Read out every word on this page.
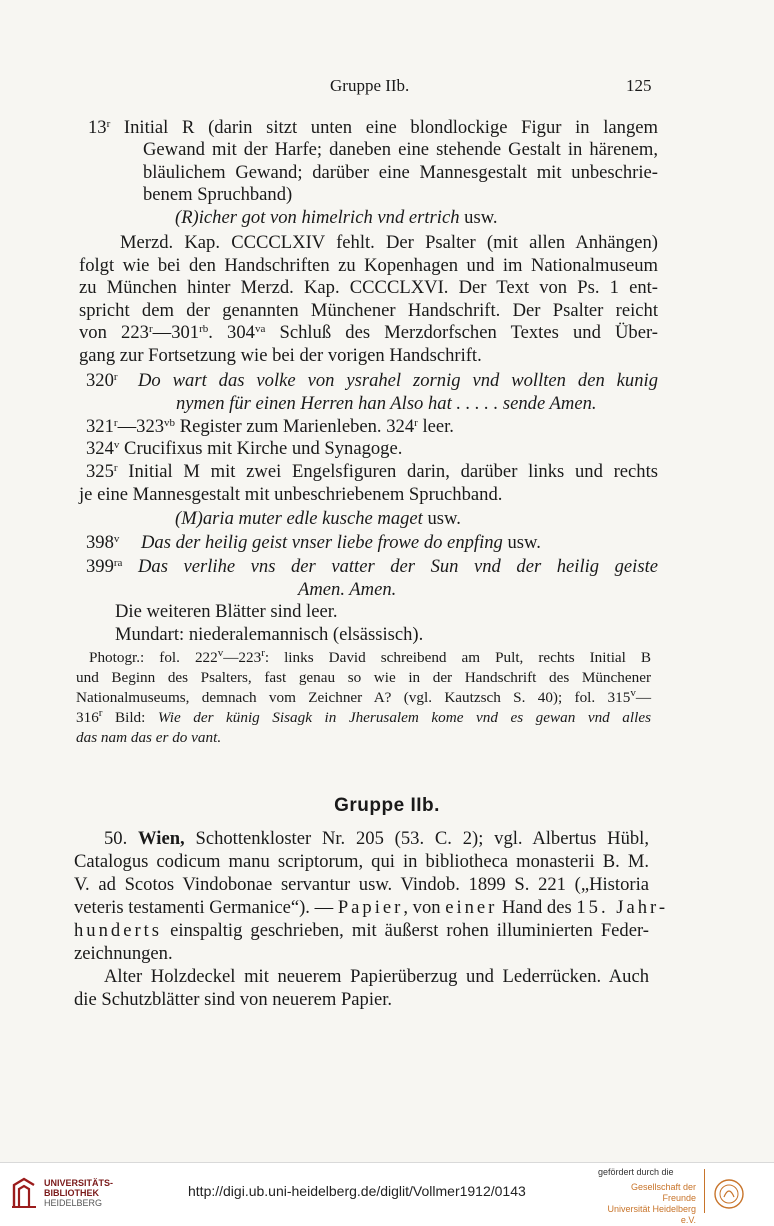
Gruppe IIb.	125
13$^r$ Initial R (darin sitzt unten eine blondlockige Figur in langem
Gewand mit der Harfe; daneben eine stehende Gestalt in härenem,
bläulichem Gewand; darüber eine Mannesgestalt mit unbeschrie-
benem Spruchband)
(R)icher got von himelrich vnd ertrich usw.
Merzd. Kap. CCCCLXIV fehlt. Der Psalter (mit allen Anhängen)
folgt wie bei den Handschriften zu Kopenhagen und im Nationalmuseum
zu München hinter Merzd. Kap. CCCCLXVI. Der Text von Ps. 1 ent-
spricht dem der genannten Münchener Handschrift. Der Psalter reicht
von $223^r—301^{rb}$. $304^{va}$ Schluß des Merzdorfschen Textes und Über-
gang zur Fortsetzung wie bei der vorigen Handschrift.
320$^r$ Do wart das volke von ysrahel zornig vnd wollten den kunig
nymen für einen Herren han Also hat . . . . . sende Amen.
$321^r—323^{vb}$ Register zum Marienleben. 324$^r$ leer.
324$^v$ Crucifixus mit Kirche und Synagoge.
325$^r$ Initial M mit zwei Engelsfiguren darin, darüber links und rechts
je eine Mannesgestalt mit unbeschriebenem Spruchband.
(M)aria muter edle kusche maget usw.
398$^v$ Das der heilig geist vnser liebe frowe do enpfing usw.
$399^{ra}$ Das verlihe vns der vatter der Sun vnd der heilig geiste
Amen. Amen.
Die weiteren Blätter sind leer.
Mundart: niederalemannisch (elsässisch).
Photogr.: fol. 222$^v$—223$^r$: links David schreibend am Pult, rechts Initial B
und Beginn des Psalters, fast genau so wie in der Handschrift des Münchener
Nationalmuseums, demnach vom Zeichner A? (vgl. Kautzsch S. 40); fol. 315$^v$—
316$^r$ Bild: Wie der künig Sisagk in Jherusalem kome vnd es gewan vnd alles
das nam das er do vant.
Gruppe IIb.
50. Wien, Schottenkloster Nr. 205 (53. C. 2); vgl. Albertus Hübl,
Catalogus codicum manu scriptorum, qui in bibliotheca monasterii B. M.
V. ad Scotos Vindobonae servantur usw. Vindob. 1899 S. 221 („Historia
veteris testamenti Germanice“). — Papier, von einer Hand des 15. Jahr-
hunderts einspaltig geschrieben, mit äußerst rohen illuminierten Feder-
zeichnungen.
Alter Holzdeckel mit neuerem Papierüberzug und Lederrücken. Auch
die Schutzblätter sind von neuerem Papier.
UNIVERSITÄTS-
BIBLIOTHEK
HEIDELBERG
http://digi.ub.uni-heidelberg.de/diglit/Vollmer1912/0143
gefördert durch die
Gesellschaft der Freunde
Universität Heidelberg e.V.
